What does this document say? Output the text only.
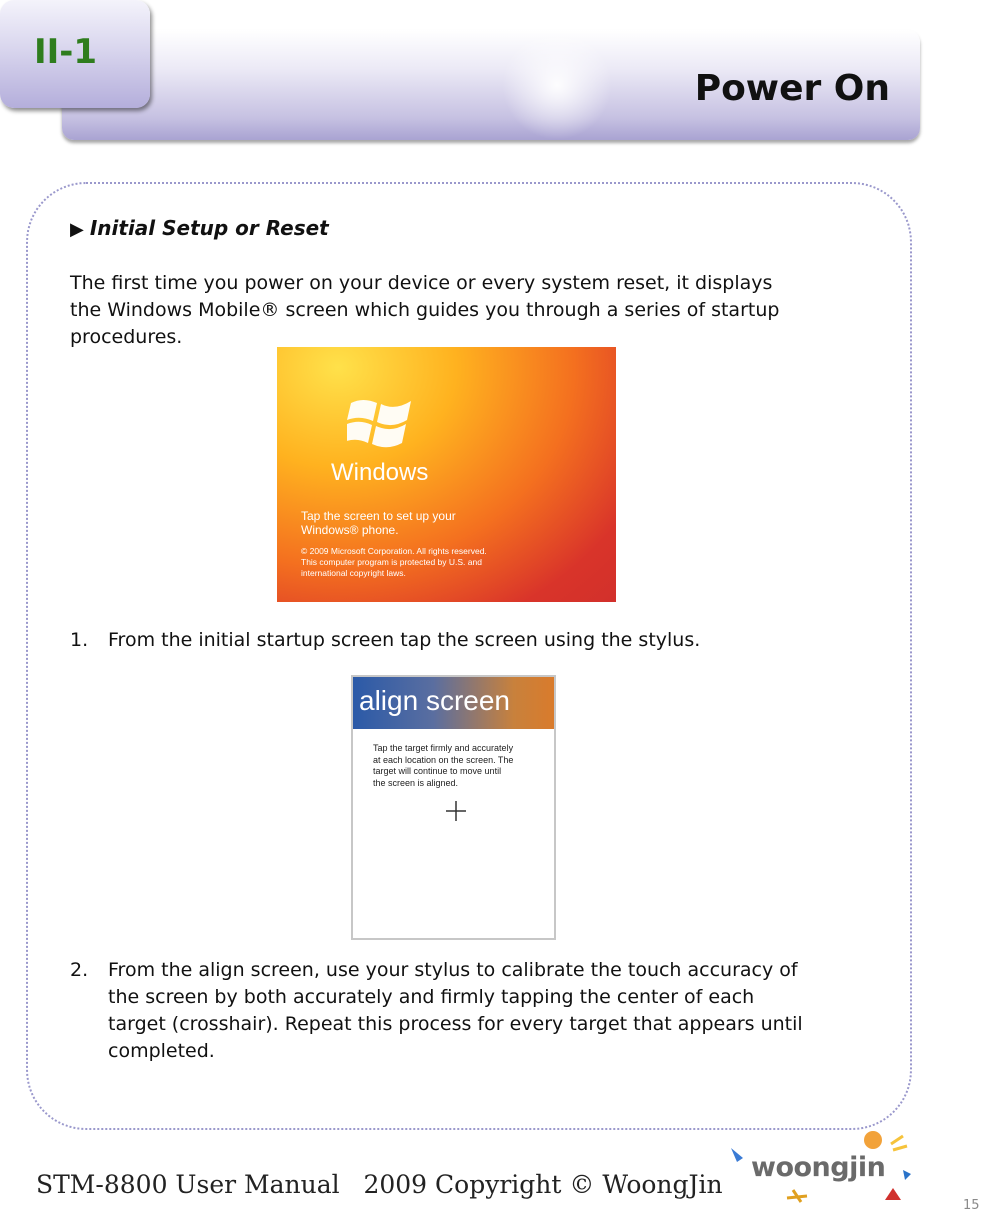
Power On
II-1
▶ Initial Setup or Reset
The first time you power on your device or every system reset, it displays
the Windows Mobile® screen which guides you through a series of startup
procedures.
Windows
Tap the screen to set up your
Windows® phone.
© 2009 Microsoft Corporation. All rights reserved.
This computer program is protected by U.S. and
international copyright laws.
1. From the initial startup screen tap the screen using the stylus.
align screen
Tap the target firmly and accurately
at each location on the screen. The
target will continue to move until
the screen is aligned.
2. From the align screen, use your stylus to calibrate the touch accuracy of
the screen by both accurately and firmly tapping the center of each
target (crosshair). Repeat this process for every target that appears until
completed.
STM-8800 User Manual   2009 Copyright © WoongJin
woongjin
15
